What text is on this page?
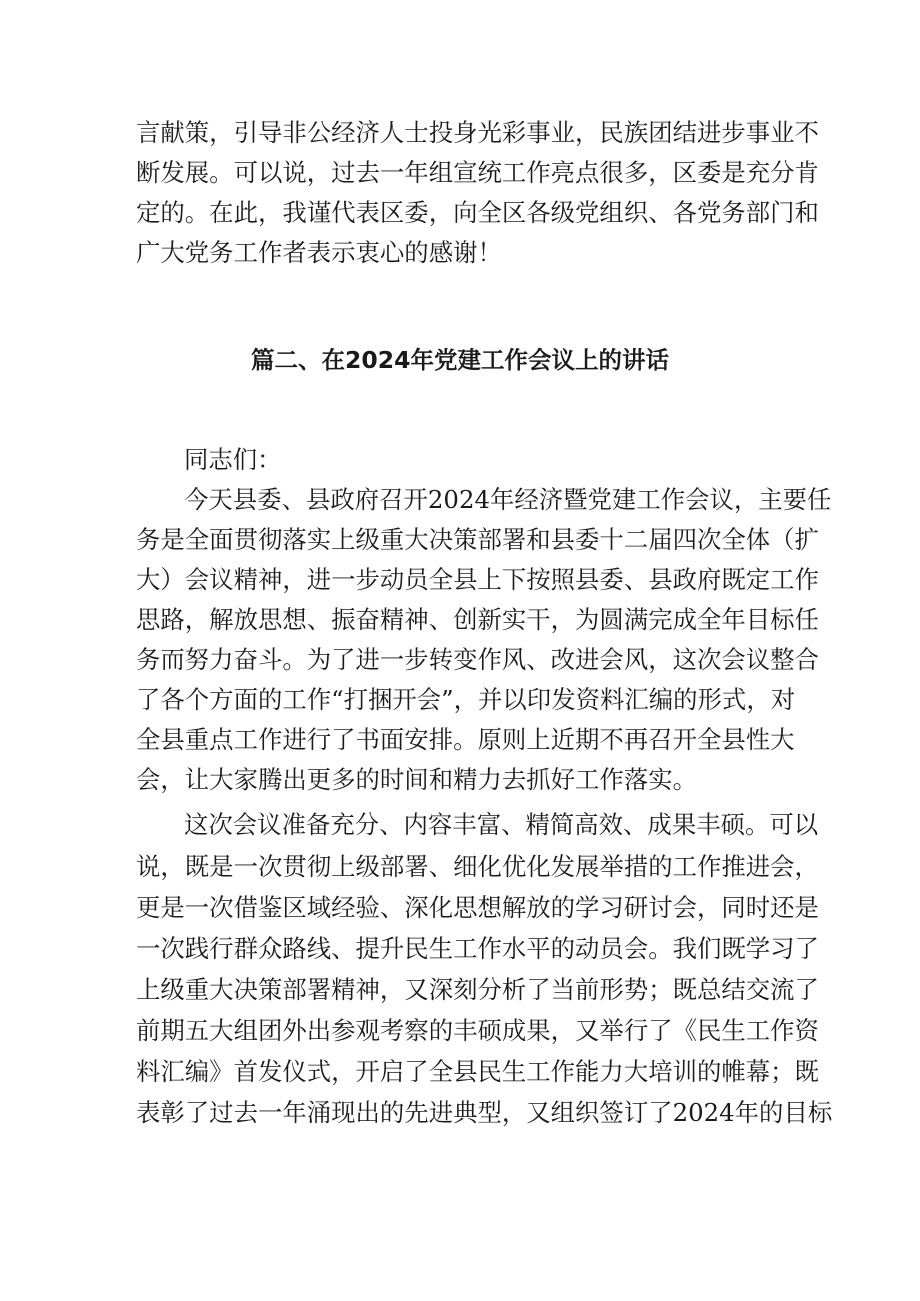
言献策，引导非公经济人士投身光彩事业，民族团结进步事业不
断发展。可以说，过去一年组宣统工作亮点很多，区委是充分肯
定的。在此，我谨代表区委，向全区各级党组织、各党务部门和
广大党务工作者表示衷心的感谢！
篇二、在2024年党建工作会议上的讲话
同志们：
今天县委、县政府召开2024年经济暨党建工作会议，主要任
务是全面贯彻落实上级重大决策部署和县委十二届四次全体（扩
大）会议精神，进一步动员全县上下按照县委、县政府既定工作
思路，解放思想、振奋精神、创新实干，为圆满完成全年目标任
务而努力奋斗。为了进一步转变作风、改进会风，这次会议整合
了各个方面的工作“打捆开会”，并以印发资料汇编的形式，对
全县重点工作进行了书面安排。原则上近期不再召开全县性大
会，让大家腾出更多的时间和精力去抓好工作落实。
这次会议准备充分、内容丰富、精简高效、成果丰硕。可以
说，既是一次贯彻上级部署、细化优化发展举措的工作推进会，
更是一次借鉴区域经验、深化思想解放的学习研讨会，同时还是
一次践行群众路线、提升民生工作水平的动员会。我们既学习了
上级重大决策部署精神，又深刻分析了当前形势；既总结交流了
前期五大组团外出参观考察的丰硕成果，又举行了《民生工作资
料汇编》首发仪式，开启了全县民生工作能力大培训的帷幕；既
表彰了过去一年涌现出的先进典型，又组织签订了2024年的目标
